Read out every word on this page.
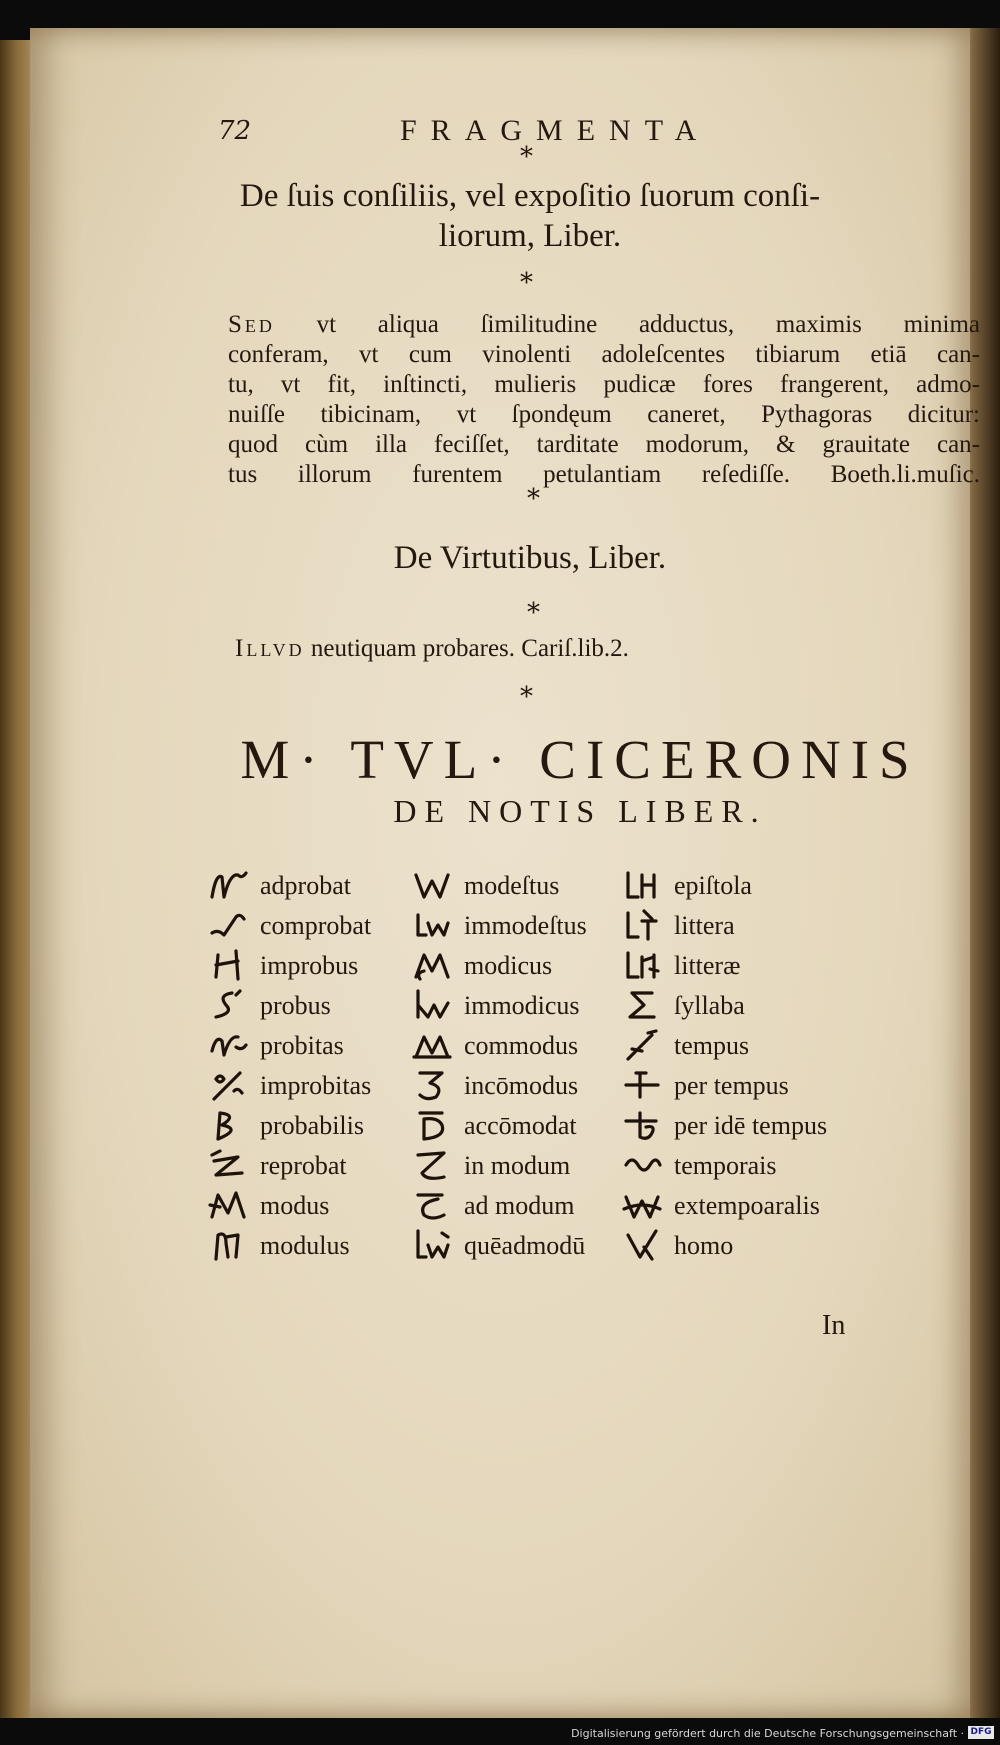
72	FRAGMENTA
*
De ſuis conſiliis, vel expoſitio ſuorum conſi-
liorum, Liber.
*
Sed vt aliqua ſimilitudine adductus, maximis minima
conferam, vt cum vinolenti adoleſcentes tibiarum etiā can-
tu, vt fit, inſtincti, mulieris pudicæ fores frangerent, admo-
nuiſſe tibicinam, vt ſpondęum caneret, Pythagoras dicitur:
quod cùm illa feciſſet, tarditate modorum, & grauitate can-
tus illorum furentem petulantiam reſediſſe. Boeth.li.muſic.
*
De Virtutibus, Liber.
*
Illvd neutiquam probares. Cariſ.lib.2.
*
M· TVL· CICERONIS
DE NOTIS LIBER.
adprobat
comprobat
improbus
probus
probitas
improbitas
probabilis
reprobat
modus
modulus
modeſtus
immodeſtus
modicus
immodicus
commodus
incōmodus
accōmodat
in modum
ad modum
quēadmodū
epiſtola
littera
litteræ
ſyllaba
tempus
per tempus
per idē tempus
temporais
extempoaralis
homo
In
Digitalisierung gefördert durch die Deutsche Forschungsgemeinschaft · DFG
